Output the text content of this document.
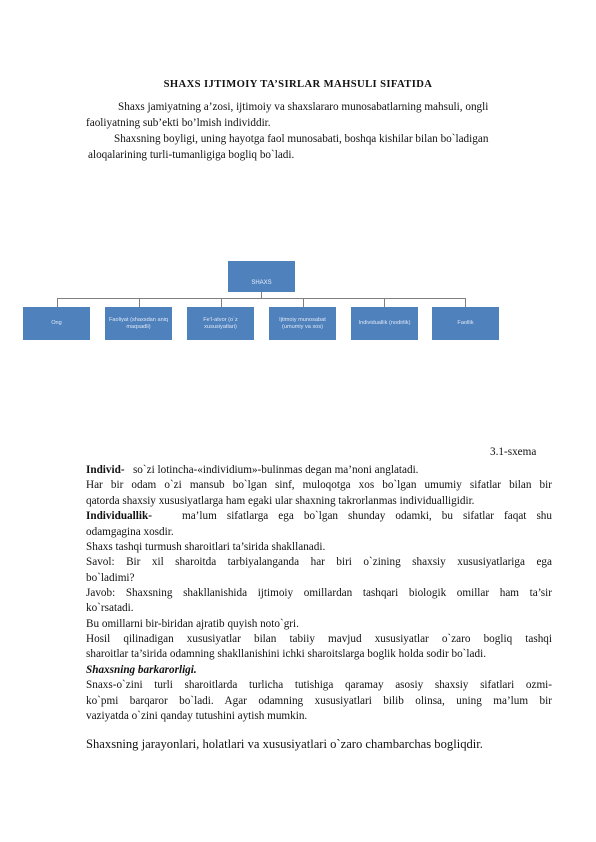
SHAXS IJTIMOIY TA’SIRLAR MAHSULI SIFATIDA
Shaxs jamiyatning a’zosi, ijtimoiy va shaxslararo munosabatlarning mahsuli, ongli
faoliyatning sub’ekti bo’lmish individdir.
Shaxsning boyligi, uning hayotga faol munosabati, boshqa kishilar bilan bo`ladigan
aloqalarining turli-tumanligiga bogliq bo`ladi.
SHAXS
Ong
Faoliyat (shaxsdan aniq maqsadli)
Fe’l-atvor (o`z xususiyatlari)
Ijtimoiy munosabat (umumiy va xos)
Individuallik (nodirlik)	Faollik
3.1-sxema
Individ- so`zi lotincha-«individium»-bulinmas degan ma’noni anglatadi.
Har bir odam o`zi mansub bo`lgan sinf, muloqotga xos bo`lgan umumiy sifatlar bilan bir
qatorda shaxsiy xususiyatlarga ham egaki ular shaxning takrorlanmas individualligidir.
Individuallik-	ma’lum sifatlarga ega bo`lgan shunday odamki, bu sifatlar faqat shu
odamgagina xosdir.
Shaxs tashqi turmush sharoitlari ta’sirida shakllanadi.
Savol: Bir xil sharoitda tarbiyalanganda har biri o`zining shaxsiy xususiyatlariga ega
bo`ladimi?
Javob: Shaxsning shakllanishida ijtimoiy omillardan tashqari biologik omillar ham ta’sir
ko`rsatadi.
Bu omillarni bir-biridan ajratib quyish noto`gri.
Hosil qilinadigan xususiyatlar bilan tabiiy mavjud xususiyatlar o`zaro bogliq tashqi
sharoitlar ta’sirida odamning shakllanishini ichki sharoitslarga boglik holda sodir bo`ladi.
Shaxsning barkarorligi.
Snaxs-o`zini turli sharoitlarda turlicha tutishiga qaramay asosiy shaxsiy sifatlari ozmi-
ko`pmi barqaror bo`ladi. Agar odamning xususiyatlari bilib olinsa, uning ma’lum bir
vaziyatda o`zini qanday tutushini aytish mumkin.
Shaxsning jarayonlari, holatlari va xususiyatlari o`zaro chambarchas bogliqdir.
